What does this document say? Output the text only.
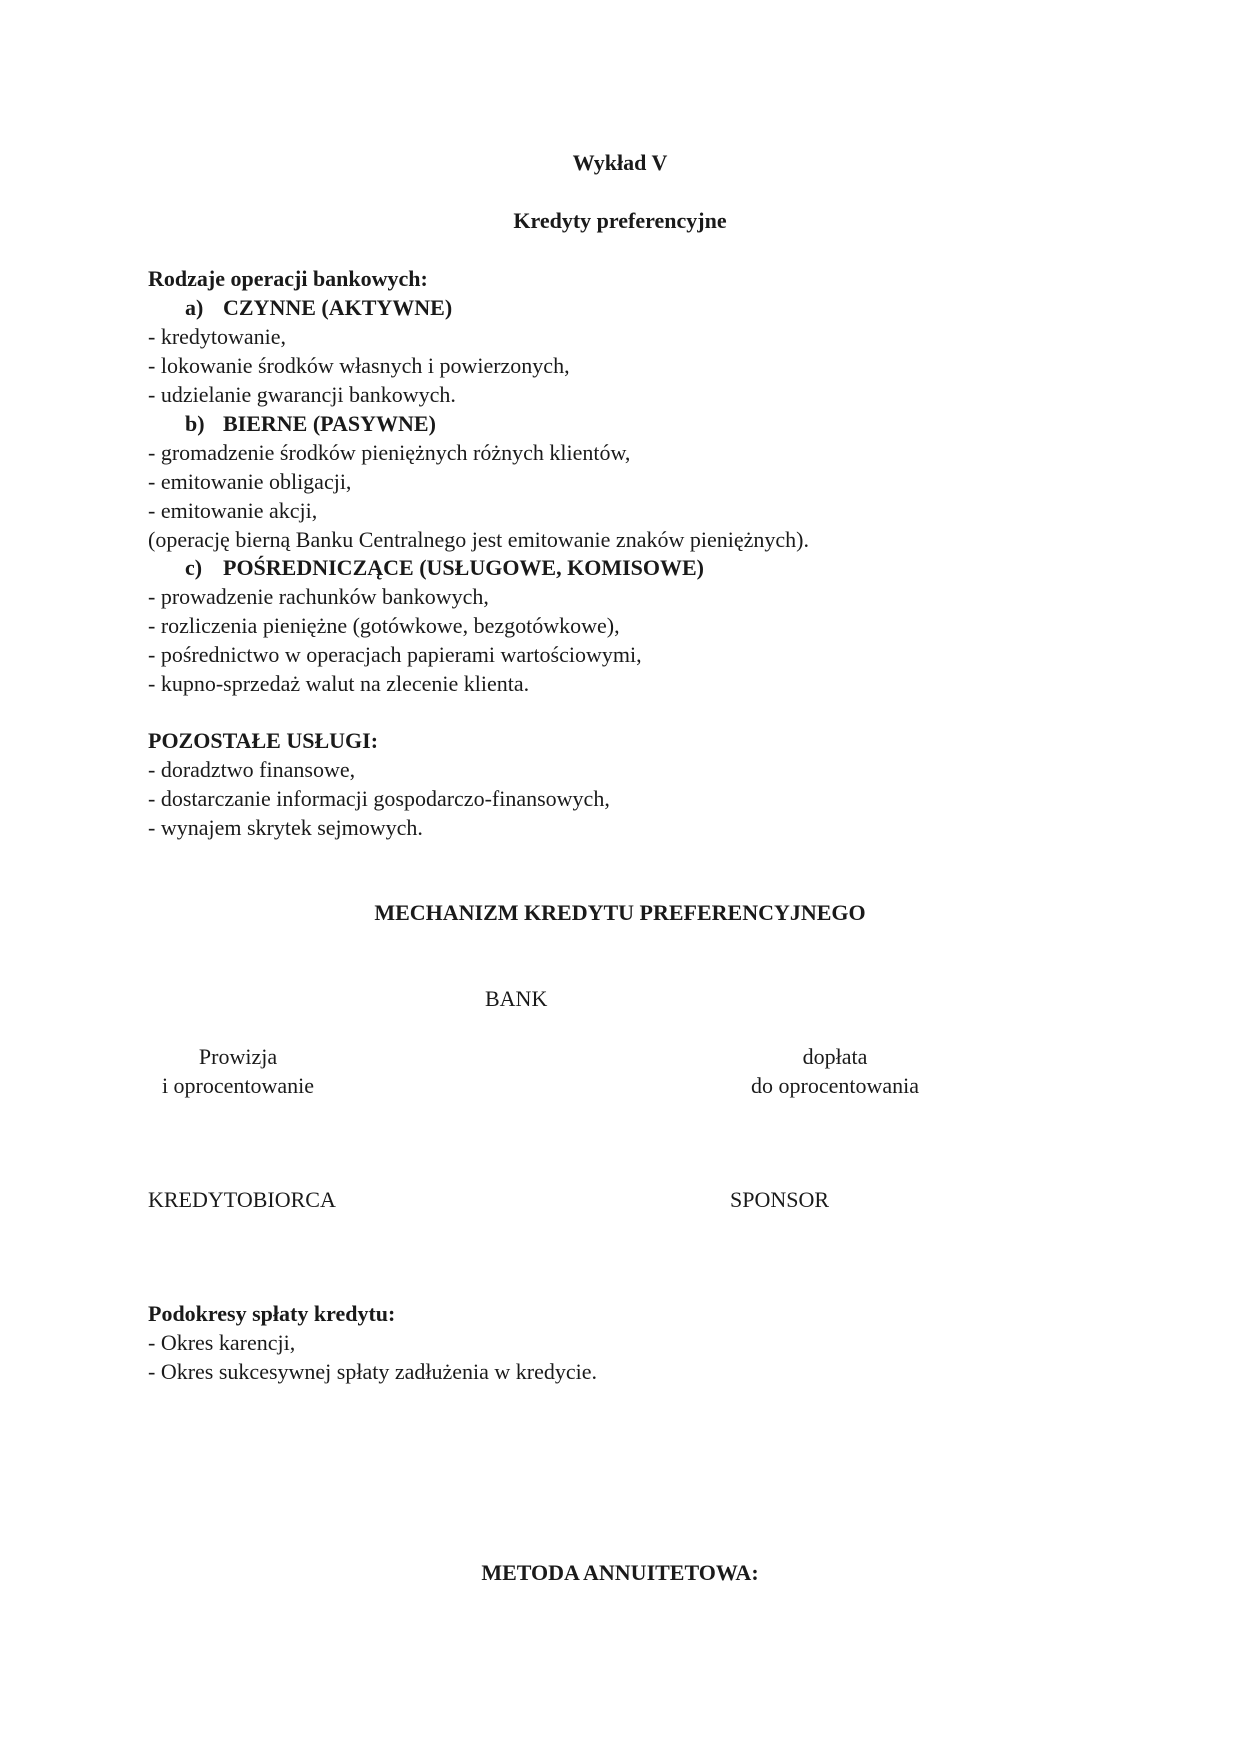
Wykład V
Kredyty preferencyjne
Rodzaje operacji bankowych:
a) CZYNNE (AKTYWNE)
- kredytowanie,
- lokowanie środków własnych i powierzonych,
- udzielanie gwarancji bankowych.
b) BIERNE (PASYWNE)
- gromadzenie środków pieniężnych różnych klientów,
- emitowanie obligacji,
- emitowanie akcji,
(operację bierną Banku Centralnego jest emitowanie znaków pieniężnych).
c) POŚREDNICZĄCE (USŁUGOWE, KOMISOWE)
- prowadzenie rachunków bankowych,
- rozliczenia pieniężne (gotówkowe, bezgotówkowe),
- pośrednictwo w operacjach papierami wartościowymi,
- kupno-sprzedaż walut na zlecenie klienta.
POZOSTAŁE USŁUGI:
- doradztwo finansowe,
- dostarczanie informacji gospodarczo-finansowych,
- wynajem skrytek sejmowych.
MECHANIZM KREDYTU PREFERENCYJNEGO
BANK
Prowizja
i oprocentowanie
dopłata
do oprocentowania
KREDYTOBIORCA	SPONSOR
Podokresy spłaty kredytu:
- Okres karencji,
- Okres sukcesywnej spłaty zadłużenia w kredycie.
METODA ANNUITETOWA:
